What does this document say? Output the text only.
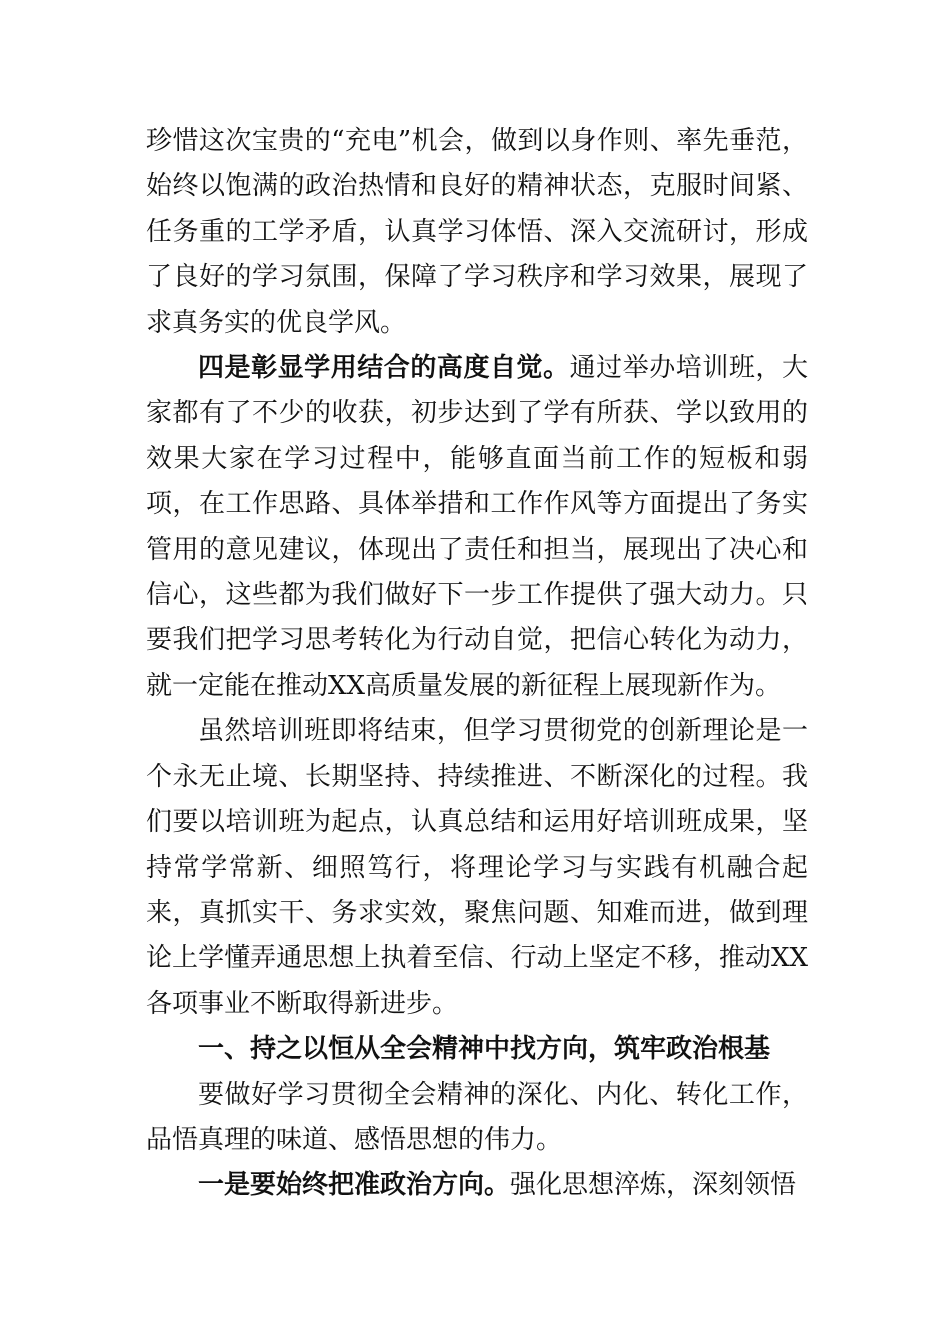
珍惜这次宝贵的“充电”机会，做到以身作则、率先垂范，始终以饱满的政治热情和良好的精神状态，克服时间紧、任务重的工学矛盾，认真学习体悟、深入交流研讨，形成了良好的学习氛围，保障了学习秩序和学习效果，展现了求真务实的优良学风。

四是彰显学用结合的高度自觉。通过举办培训班，大家都有了不少的收获，初步达到了学有所获、学以致用的效果大家在学习过程中，能够直面当前工作的短板和弱项，在工作思路、具体举措和工作作风等方面提出了务实管用的意见建议，体现出了责任和担当，展现出了决心和信心，这些都为我们做好下一步工作提供了强大动力。只要我们把学习思考转化为行动自觉，把信心转化为动力，就一定能在推动XX高质量发展的新征程上展现新作为。

虽然培训班即将结束，但学习贯彻党的创新理论是一个永无止境、长期坚持、持续推进、不断深化的过程。我们要以培训班为起点，认真总结和运用好培训班成果，坚持常学常新、细照笃行，将理论学习与实践有机融合起来，真抓实干、务求实效，聚焦问题、知难而进，做到理论上学懂弄通思想上执着至信、行动上坚定不移，推动XX各项事业不断取得新进步。

一、持之以恒从全会精神中找方向，筑牢政治根基

要做好学习贯彻全会精神的深化、内化、转化工作，品悟真理的味道、感悟思想的伟力。

一是要始终把准政治方向。强化思想淬炼，深刻领悟
